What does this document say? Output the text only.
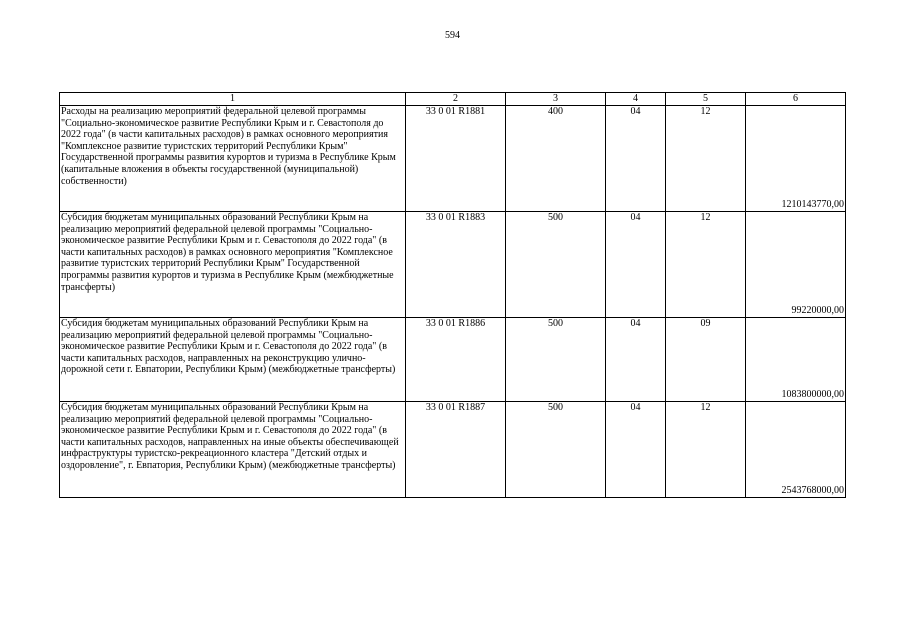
594
1	2	3	4	5	6
Расходы на реализацию мероприятий федеральной целевой программы "Социально-экономическое развитие Республики Крым и г. Севастополя до 2022 года" (в части капитальных расходов) в рамках основного мероприятия "Комплексное развитие туристских территорий Республики Крым" Государственной программы развития курортов и туризма в Республике Крым (капитальные вложения в объекты государственной (муниципальной) собственности)	33 0 01 R1881	400	04	12	1210143770,00
Субсидия бюджетам муниципальных образований Республики Крым на реализацию мероприятий федеральной целевой программы "Социально-экономическое развитие Республики Крым и г. Севастополя до 2022 года" (в части капитальных расходов) в рамках основного мероприятия "Комплексное развитие туристских территорий Республики Крым" Государственной программы развития курортов и туризма в Республике Крым (межбюджетные трансферты)	33 0 01 R1883	500	04	12	99220000,00
Субсидия бюджетам муниципальных образований Республики Крым на реализацию мероприятий федеральной целевой программы "Социально-экономическое развитие Республики Крым и г. Севастополя до 2022 года" (в части капитальных расходов, направленных на реконструкцию улично-дорожной сети г. Евпатории, Республики Крым) (межбюджетные трансферты)	33 0 01 R1886	500	04	09	1083800000,00
Субсидия бюджетам муниципальных образований Республики Крым на реализацию мероприятий федеральной целевой программы "Социально-экономическое развитие Республики Крым и г. Севастополя до 2022 года" (в части капитальных расходов, направленных на иные объекты обеспечивающей инфраструктуры туристско-рекреационного кластера "Детский отдых и оздоровление", г. Евпатория, Республики Крым) (межбюджетные трансферты)	33 0 01 R1887	500	04	12	2543768000,00
